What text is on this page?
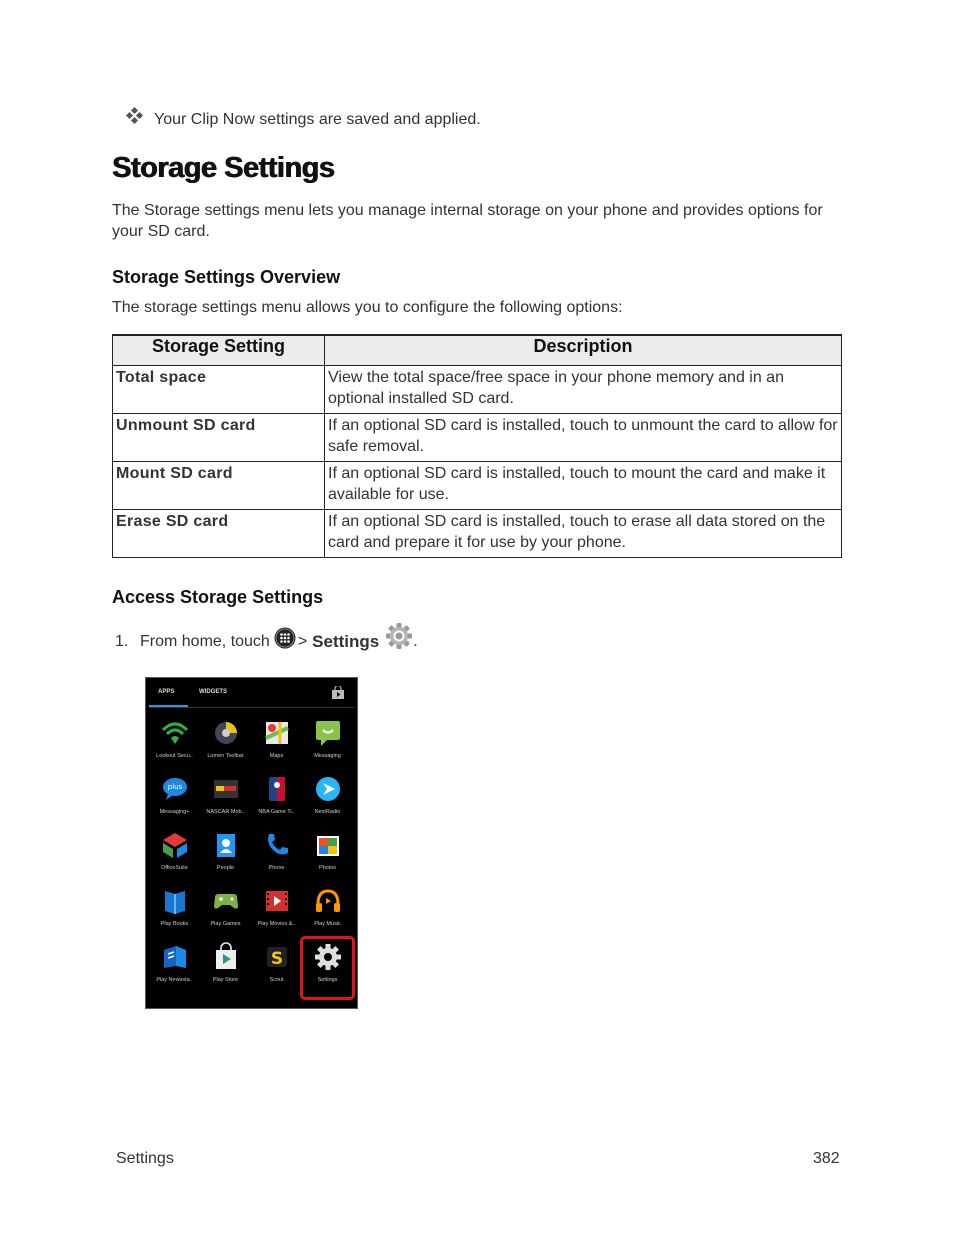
Your Clip Now settings are saved and applied.
Storage Settings
The Storage settings menu lets you manage internal storage on your phone and provides options for your SD card.
Storage Settings Overview
The storage settings menu allows you to configure the following options:
Storage Setting	Description
Total space	View the total space/free space in your phone memory and in an optional installed SD card.
Unmount SD card	If an optional SD card is installed, touch to unmount the card to allow for safe removal.
Mount SD card	If an optional SD card is installed, touch to mount the card and make it available for use.
Erase SD card	If an optional SD card is installed, touch to erase all data stored on the card and prepare it for use by your phone.
Access Storage Settings
1. From home, touch > Settings .
APPS	WIDGETS
Lookout Secu..	Lumen Toolbar	Maps	Messaging
plus
Messaging+	NASCAR Mob..	NBA Game Ti..	NextRadio
OfficeSuite	People	Phone	Photos
Play Books	Play Games	Play Movies &..	Play Music
Play Newssta..	Play Store
S
Scout	Settings
Settings	382
